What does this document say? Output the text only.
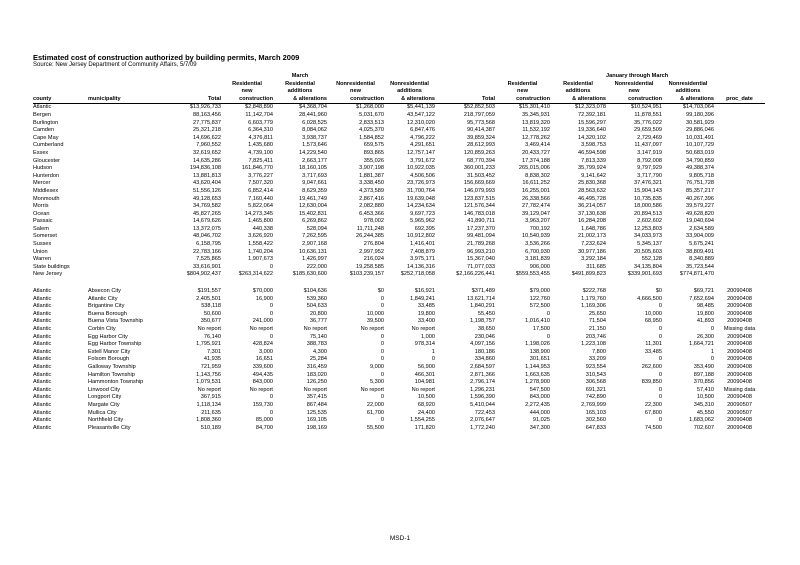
Estimated cost of construction authorized by building permits, March 2009
Source: New Jersey Department of Community Affairs, 5/7/09
				March						January through March		
			Residential	Residential	Nonresidential	Nonresidential		Residential	Residential	Nonresidential	Nonresidential	
			new	additions	new	additions		new	additions	new	additions	
county	municipality	Total	construction	& alterations	construction	& alterations	Total	construction	& alterations	construction	& alterations	proc_date
Atlantic		$13,926,733	$2,848,890	$4,368,704	$1,268,000	$5,441,139	$52,852,503	$15,301,410	$12,323,078	$10,524,951	$14,703,064	
Bergen		88,163,456	11,142,704	28,441,960	5,031,670	43,547,122	218,797,059	35,345,931	72,392,181	11,878,551	99,180,396	
Burlington		27,775,837	6,603,779	6,028,525	2,833,513	12,310,020	95,773,568	13,819,320	15,596,297	35,776,022	30,581,929	
Camden		25,321,218	6,364,310	8,084,062	4,025,370	6,847,476	90,414,387	11,532,192	19,336,640	29,659,509	29,886,046	
Cape May		14,696,622	4,376,811	3,938,737	1,584,852	4,796,222	39,859,324	12,778,262	14,320,102	2,729,469	10,031,491	
Cumberland		7,960,552	1,435,680	1,573,646	659,575	4,291,651	28,612,993	3,469,414	3,598,753	11,437,097	10,107,729	
Essex		32,619,652	4,739,100	14,229,540	893,865	12,757,147	120,859,263	20,433,727	46,594,598	3,147,919	50,683,019	
Gloucester		14,635,286	7,825,411	2,663,177	355,026	3,791,672	68,770,394	17,374,188	7,813,339	8,792,008	34,790,859	
Hudson		194,836,108	161,846,770	18,160,105	3,907,198	10,922,035	360,001,233	265,015,006	35,799,924	9,797,929	49,388,374	
Hunterdon		13,881,813	3,776,227	3,717,693	1,881,387	4,506,506	31,503,452	8,838,302	9,141,642	3,717,790	9,805,718	
Mercer		43,620,404	7,507,320	9,047,661	3,338,450	23,726,973	156,669,669	16,611,252	25,830,368	37,476,321	76,751,728	
Middlesex		51,556,126	6,852,414	8,629,359	4,373,589	31,700,764	146,079,993	16,255,001	28,563,632	15,904,143	85,357,217	
Monmouth		49,128,653	7,160,440	19,461,749	2,867,416	19,639,048	123,837,515	26,338,566	46,495,728	10,735,835	40,267,396	
Morris		34,769,582	5,822,064	12,630,004	2,082,880	14,234,634	121,576,344	27,782,474	36,214,057	18,000,586	39,579,227	
Ocean		45,827,265	14,273,345	15,402,831	6,453,366	9,697,723	146,783,018	39,129,047	37,130,638	20,894,513	49,628,820	
Passaic		14,679,626	1,465,800	6,269,862	978,002	5,965,962	41,890,711	3,963,207	16,284,208	2,602,602	19,040,694	
Salem		13,372,075	440,338	528,094	11,711,248	692,395	17,237,370	700,192	1,648,786	12,253,803	2,634,589	
Somerset		48,046,702	3,626,920	7,262,595	26,244,385	10,912,802	99,481,094	10,540,939	21,002,173	34,033,973	33,904,009	
Sussex		6,158,795	1,558,422	2,907,168	276,804	1,416,401	21,789,268	3,536,266	7,232,624	5,345,137	5,675,241	
Union		22,783,166	1,740,204	10,636,131	2,997,952	7,408,879	96,993,210	6,700,930	30,977,186	20,505,603	38,809,491	
Warren		7,525,865	1,907,673	1,426,997	216,024	3,975,171	15,367,040	3,181,839	3,292,184	552,128	8,340,889	
State buildings		33,616,901	0	222,000	19,258,585	14,136,316	71,077,033	906,000	311,685	34,135,804	35,723,544	
New Jersey		$804,902,437	$263,314,622	$185,630,600	$103,239,157	$252,718,058	$2,166,226,441	$559,553,455	$491,899,823	$339,901,693	$774,871,470	

Atlantic	Absecon City	$191,557	$70,000	$104,636	$0	$16,921	$371,489	$79,000	$222,768	$0	$69,721	20090408
Atlantic	Atlantic City	2,405,501	16,900	539,360	0	1,849,241	13,621,714	122,760	1,179,760	4,666,500	7,652,694	20090408
Atlantic	Brigantine City	538,118	0	504,633	0	33,485	1,840,291	572,500	1,169,306	0	98,485	20090408
Atlantic	Buena Borough	50,600	0	20,800	10,000	19,800	55,450	0	25,650	10,000	19,800	20090408
Atlantic	Buena Vista Township	350,677	241,000	36,777	39,500	33,400	1,198,757	1,016,410	71,504	68,950	41,893	20090408
Atlantic	Corbin City	No report	No report	No report	No report	No report	38,650	17,500	21,150	0	0	Missing data
Atlantic	Egg Harbor City	76,140	0	75,140	0	1,000	230,046	0	203,746	0	26,300	20090408
Atlantic	Egg Harbor Township	1,795,921	428,824	388,783	0	978,314	4,097,156	1,198,026	1,223,108	11,301	1,664,721	20090408
Atlantic	Estell Manor City	7,301	3,000	4,300	0	1	180,186	138,900	7,800	33,485	1	20090408
Atlantic	Folsom Borough	41,935	16,651	25,284	0	0	334,860	301,651	33,209	0	0	20090408
Atlantic	Galloway Township	721,959	339,600	316,459	9,000	56,900	2,684,597	1,144,953	923,554	262,600	353,490	20090408
Atlantic	Hamilton Township	1,143,756	494,435	183,020	0	466,301	2,871,366	1,663,635	310,543	0	897,188	20090408
Atlantic	Hammonton Township	1,079,531	843,000	126,250	5,300	104,981	2,796,174	1,278,900	306,568	839,850	370,856	20090408
Atlantic	Linwood City	No report	No report	No report	No report	No report	1,296,231	547,500	691,321	0	57,410	Missing data
Atlantic	Longport City	367,915	0	357,415	0	10,500	1,596,390	843,000	742,890	0	10,500	20090408
Atlantic	Margate City	1,118,134	159,730	867,484	22,000	68,920	5,410,044	2,272,435	2,769,999	22,300	345,310	20090507
Atlantic	Mullica City	211,635	0	125,535	61,700	24,400	722,453	444,000	165,103	67,800	45,550	20090507
Atlantic	Northfield City	1,808,360	85,000	169,105	0	1,554,255	2,076,647	91,025	302,560	0	1,683,062	20090408
Atlantic	Pleasantville City	510,189	84,700	198,169	55,500	171,820	1,772,240	347,300	647,833	74,500	702,607	20090408
MSD-1
